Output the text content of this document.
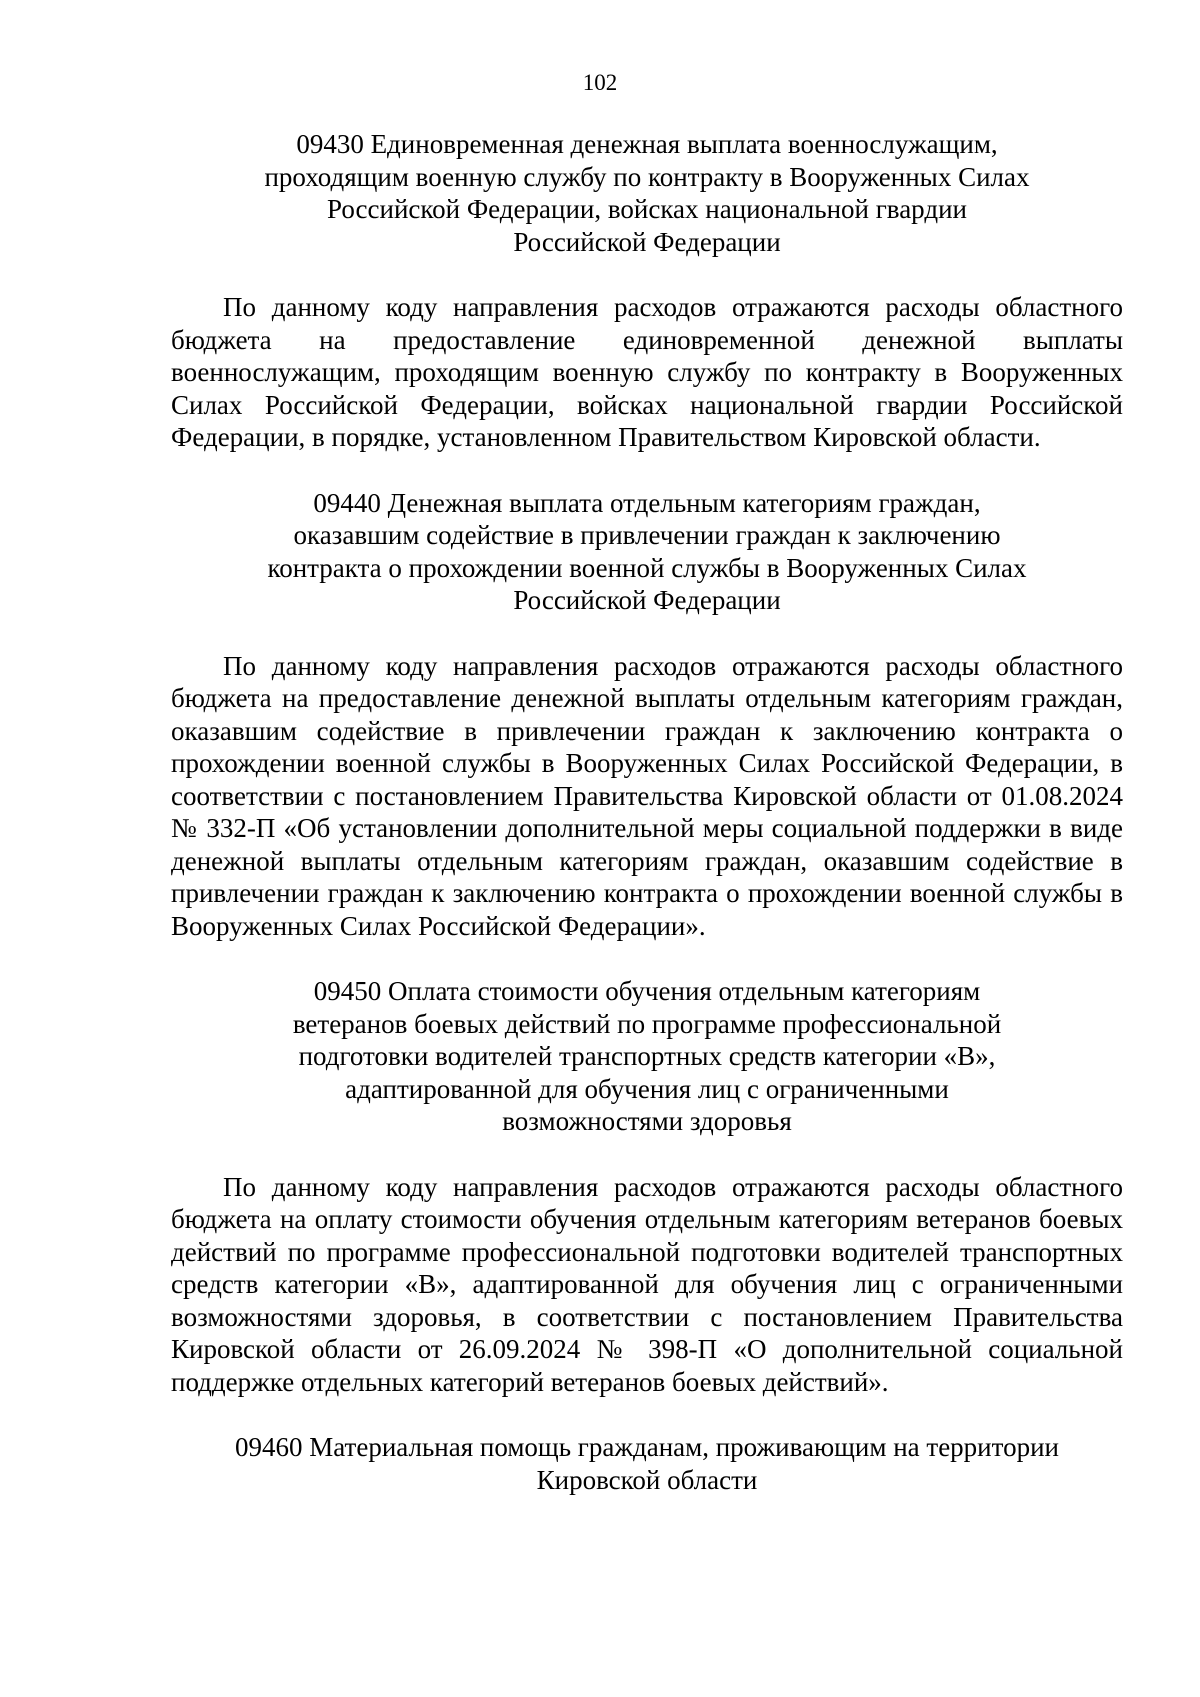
102
09430 Единовременная денежная выплата военнослужащим,
проходящим военную службу по контракту в Вооруженных Силах
Российской Федерации, войсках национальной гвардии
Российской Федерации

По данному коду направления расходов отражаются расходы областного бюджета на предоставление единовременной денежной выплаты военнослужащим, проходящим военную службу по контракту в Вооруженных Силах Российской Федерации, войсках национальной гвардии Российской Федерации, в порядке, установленном Правительством Кировской области.

09440 Денежная выплата отдельным категориям граждан,
оказавшим содействие в привлечении граждан к заключению
контракта о прохождении военной службы в Вооруженных Силах
Российской Федерации

По данному коду направления расходов отражаются расходы областного бюджета на предоставление денежной выплаты отдельным категориям граждан, оказавшим содействие в привлечении граждан к заключению контракта о прохождении военной службы в Вооруженных Силах Российской Федерации, в соответствии с постановлением Правительства Кировской области от 01.08.2024 № 332-П «Об установлении дополнительной меры социальной поддержки в виде денежной выплаты отдельным категориям граждан, оказавшим содействие в привлечении граждан к заключению контракта о прохождении военной службы в Вооруженных Силах Российской Федерации».

09450 Оплата стоимости обучения отдельным категориям
ветеранов боевых действий по программе профессиональной
подготовки водителей транспортных средств категории «В»,
адаптированной для обучения лиц с ограниченными
возможностями здоровья

По данному коду направления расходов отражаются расходы областного бюджета на оплату стоимости обучения отдельным категориям ветеранов боевых действий по программе профессиональной подготовки водителей транспортных средств категории «В», адаптированной для обучения лиц с ограниченными возможностями здоровья, в соответствии с постановлением Правительства Кировской области от 26.09.2024 № 398-П «О дополнительной социальной поддержке отдельных категорий ветеранов боевых действий».

09460 Материальная помощь гражданам, проживающим на территории
Кировской области
